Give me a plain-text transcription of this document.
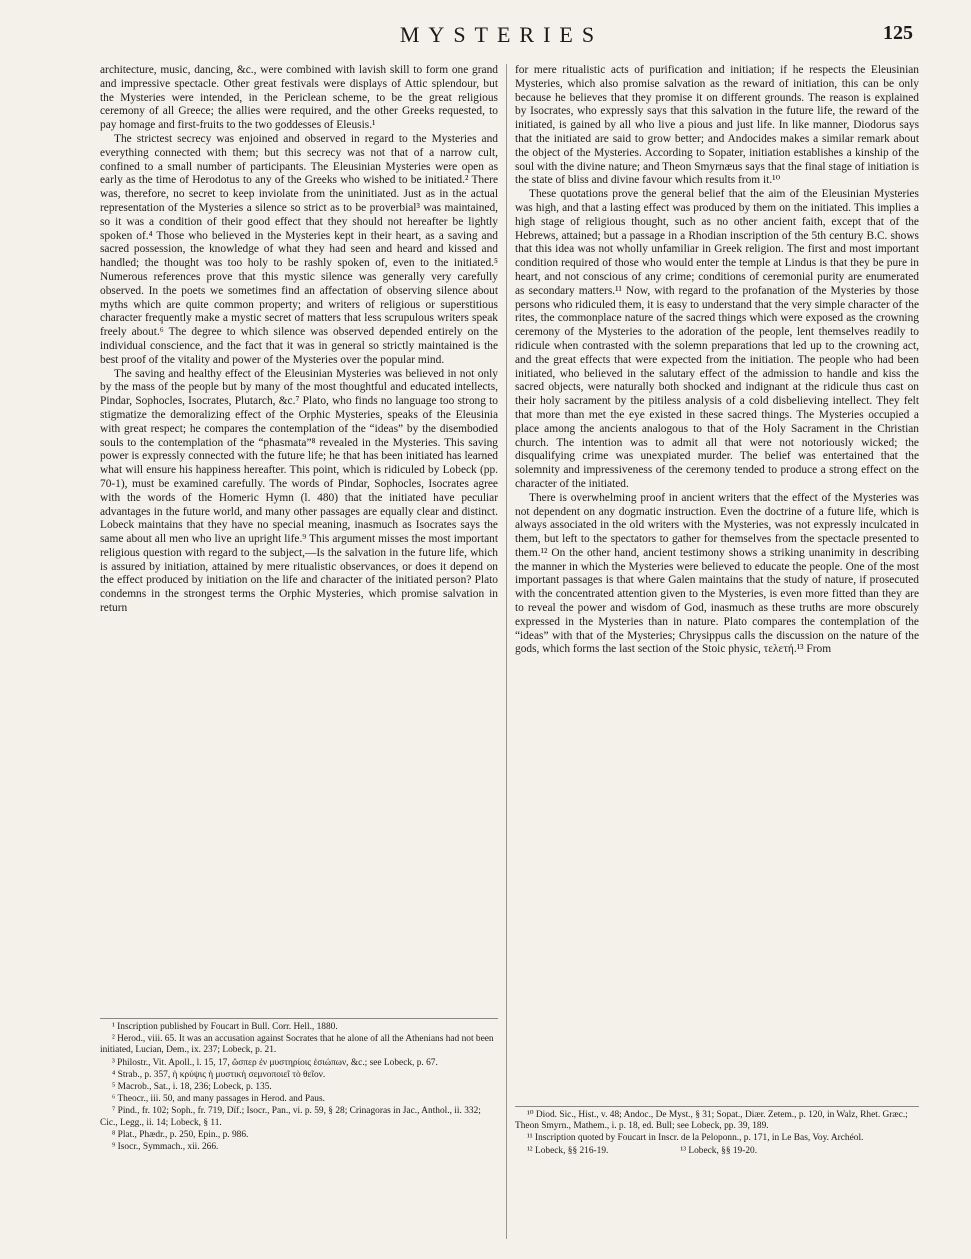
MYSTERIES	125

architecture, music, dancing, &c., were combined with lavish skill to form one grand and impressive spectacle. Other great festivals were displays of Attic splendour, but the Mysteries were intended, in the Periclean scheme, to be the great religious ceremony of all Greece; the allies were required, and the other Greeks requested, to pay homage and first-fruits to the two goddesses of Eleusis.¹

The strictest secrecy was enjoined and observed in regard to the Mysteries and everything connected with them; but this secrecy was not that of a narrow cult, confined to a small number of participants. The Eleusinian Mysteries were open as early as the time of Herodotus to any of the Greeks who wished to be initiated.² There was, therefore, no secret to keep inviolate from the uninitiated. Just as in the actual representation of the Mysteries a silence so strict as to be proverbial³ was maintained, so it was a condition of their good effect that they should not hereafter be lightly spoken of.⁴ Those who believed in the Mysteries kept in their heart, as a saving and sacred possession, the knowledge of what they had seen and heard and kissed and handled; the thought was too holy to be rashly spoken of, even to the initiated.⁵ Numerous references prove that this mystic silence was generally very carefully observed. In the poets we sometimes find an affectation of observing silence about myths which are quite common property; and writers of religious or superstitious character frequently make a mystic secret of matters that less scrupulous writers speak freely about.⁶ The degree to which silence was observed depended entirely on the individual conscience, and the fact that it was in general so strictly maintained is the best proof of the vitality and power of the Mysteries over the popular mind.

The saving and healthy effect of the Eleusinian Mysteries was believed in not only by the mass of the people but by many of the most thoughtful and educated intellects, Pindar, Sophocles, Isocrates, Plutarch, &c.⁷ Plato, who finds no language too strong to stigmatize the demoralizing effect of the Orphic Mysteries, speaks of the Eleusinia with great respect; he compares the contemplation of the “ideas” by the disembodied souls to the contemplation of the “phasmata”⁸ revealed in the Mysteries. This saving power is expressly connected with the future life; he that has been initiated has learned what will ensure his happiness hereafter. This point, which is ridiculed by Lobeck (pp. 70-1), must be examined carefully. The words of Pindar, Sophocles, Isocrates agree with the words of the Homeric Hymn (l. 480) that the initiated have peculiar advantages in the future world, and many other passages are equally clear and distinct. Lobeck maintains that they have no special meaning, inasmuch as Isocrates says the same about all men who live an upright life.⁹ This argument misses the most important religious question with regard to the subject,—Is the salvation in the future life, which is assured by initiation, attained by mere ritualistic observances, or does it depend on the effect produced by initiation on the life and character of the initiated person? Plato condemns in the strongest terms the Orphic Mysteries, which promise salvation in return

for mere ritualistic acts of purification and initiation; if he respects the Eleusinian Mysteries, which also promise salvation as the reward of initiation, this can be only because he believes that they promise it on different grounds. The reason is explained by Isocrates, who expressly says that this salvation in the future life, the reward of the initiated, is gained by all who live a pious and just life. In like manner, Diodorus says that the initiated are said to grow better; and Andocides makes a similar remark about the object of the Mysteries. According to Sopater, initiation establishes a kinship of the soul with the divine nature; and Theon Smyrnæus says that the final stage of initiation is the state of bliss and divine favour which results from it.¹⁰

These quotations prove the general belief that the aim of the Eleusinian Mysteries was high, and that a lasting effect was produced by them on the initiated. This implies a high stage of religious thought, such as no other ancient faith, except that of the Hebrews, attained; but a passage in a Rhodian inscription of the 5th century B.C. shows that this idea was not wholly unfamiliar in Greek religion. The first and most important condition required of those who would enter the temple at Lindus is that they be pure in heart, and not conscious of any crime; conditions of ceremonial purity are enumerated as secondary matters.¹¹ Now, with regard to the profanation of the Mysteries by those persons who ridiculed them, it is easy to understand that the very simple character of the rites, the commonplace nature of the sacred things which were exposed as the crowning ceremony of the Mysteries to the adoration of the people, lent themselves readily to ridicule when contrasted with the solemn preparations that led up to the crowning act, and the great effects that were expected from the initiation. The people who had been initiated, who believed in the salutary effect of the admission to handle and kiss the sacred objects, were naturally both shocked and indignant at the ridicule thus cast on their holy sacrament by the pitiless analysis of a cold disbelieving intellect. They felt that more than met the eye existed in these sacred things. The Mysteries occupied a place among the ancients analogous to that of the Holy Sacrament in the Christian church. The intention was to admit all that were not notoriously wicked; the disqualifying crime was unexpiated murder. The belief was entertained that the solemnity and impressiveness of the ceremony tended to produce a strong effect on the character of the initiated.

There is overwhelming proof in ancient writers that the effect of the Mysteries was not dependent on any dogmatic instruction. Even the doctrine of a future life, which is always associated in the old writers with the Mysteries, was not expressly inculcated in them, but left to the spectators to gather for themselves from the spectacle presented to them.¹² On the other hand, ancient testimony shows a striking unanimity in describing the manner in which the Mysteries were believed to educate the people. One of the most important passages is that where Galen maintains that the study of nature, if prosecuted with the concentrated attention given to the Mysteries, is even more fitted than they are to reveal the power and wisdom of God, inasmuch as these truths are more obscurely expressed in the Mysteries than in nature. Plato compares the contemplation of the “ideas” with that of the Mysteries; Chrysippus calls the discussion on the nature of the gods, which forms the last section of the Stoic physic, τελετή.¹³ From

¹ Inscription published by Foucart in Bull. Corr. Hell., 1880.
² Herod., viii. 65. It was an accusation against Socrates that he alone of all the Athenians had not been initiated, Lucian, Dem., ix. 237; Lobeck, p. 21.
³ Philostr., Vit. Apoll., l. 15, 17, ὥσπερ ἐν μυστηρίοις ἐσιώπων, &c.; see Lobeck, p. 67.
⁴ Strab., p. 357, ἡ κρύψις ἡ μυστικὴ σεμνοποιεῖ τὸ θεῖον.
⁵ Macrob., Sat., i. 18, 236; Lobeck, p. 135.
⁶ Theocr., iii. 50, and many passages in Herod. and Paus.
⁷ Pind., fr. 102; Soph., fr. 719, Dïf.; Isocr., Pan., vi. p. 59, § 28; Crinagoras in Jac., Anthol., ii. 332; Cic., Legg., ii. 14; Lobeck, § 11.
⁸ Plat., Phædr., p. 250, Epin., p. 986.
⁹ Isocr., Symmach., xii. 266.
¹⁰ Diod. Sic., Hist., v. 48; Andoc., De Myst., § 31; Sopat., Diær. Zetem., p. 120, in Walz, Rhet. Græc.; Theon Smyrn., Mathem., i. p. 18, ed. Bull; see Lobeck, pp. 39, 189.
¹¹ Inscription quoted by Foucart in Inscr. de la Peloponn., p. 171, in Le Bas, Voy. Archéol.
¹² Lobeck, §§ 216-19.	¹³ Lobeck, §§ 19-20.
